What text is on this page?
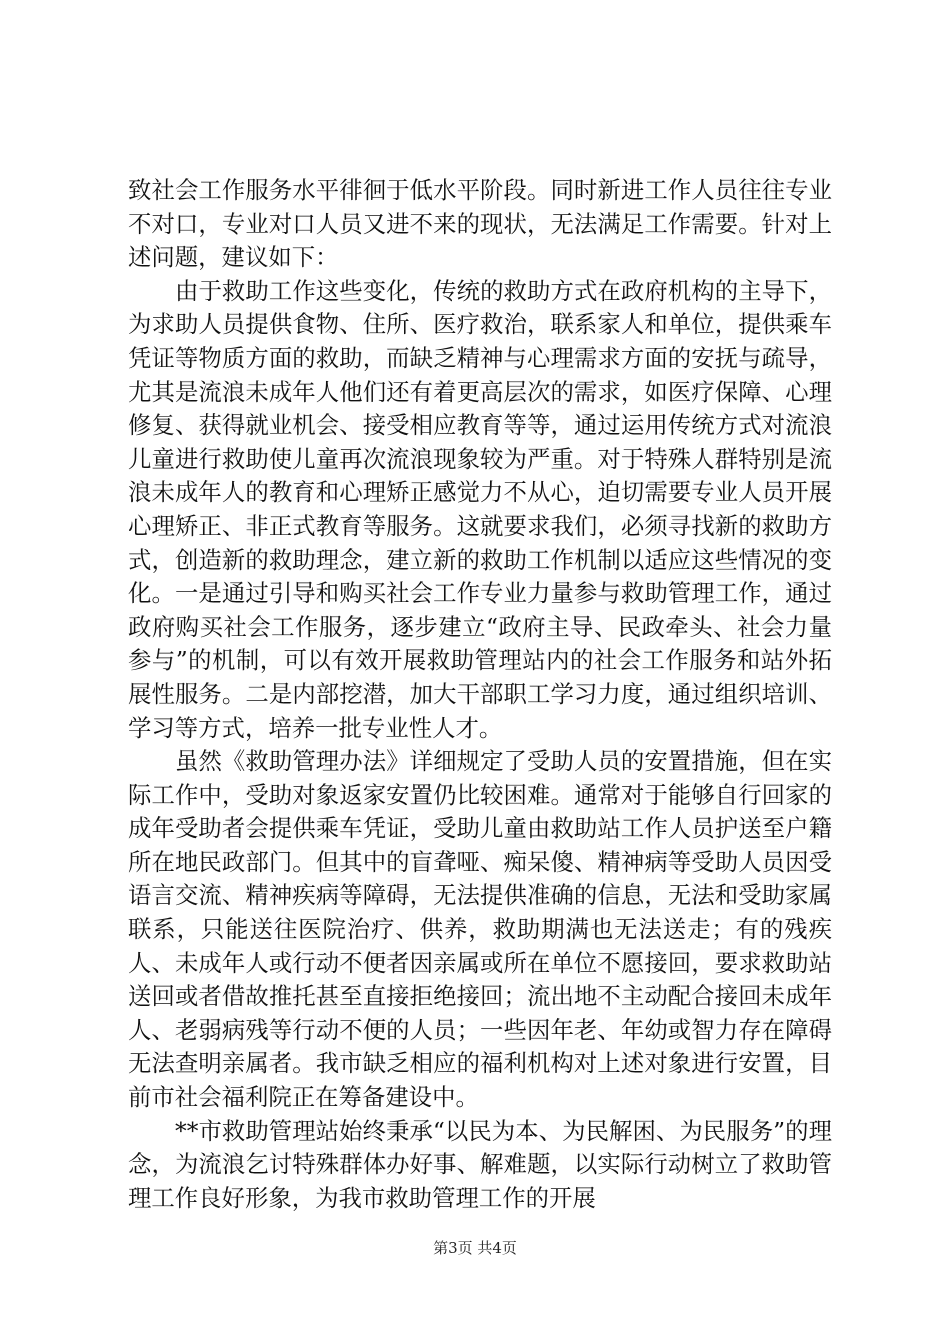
致社会工作服务水平徘徊于低水平阶段。同时新进工作人员往往专业不对口，专业对口人员又进不来的现状，无法满足工作需要。针对上述问题，建议如下：

由于救助工作这些变化，传统的救助方式在政府机构的主导下，为求助人员提供食物、住所、医疗救治，联系家人和单位，提供乘车凭证等物质方面的救助，而缺乏精神与心理需求方面的安抚与疏导，尤其是流浪未成年人他们还有着更高层次的需求，如医疗保障、心理修复、获得就业机会、接受相应教育等等，通过运用传统方式对流浪儿童进行救助使儿童再次流浪现象较为严重。对于特殊人群特别是流浪未成年人的教育和心理矫正感觉力不从心，迫切需要专业人员开展心理矫正、非正式教育等服务。这就要求我们，必须寻找新的救助方式，创造新的救助理念，建立新的救助工作机制以适应这些情况的变化。一是通过引导和购买社会工作专业力量参与救助管理工作，通过政府购买社会工作服务，逐步建立“政府主导、民政牵头、社会力量参与”的机制，可以有效开展救助管理站内的社会工作服务和站外拓展性服务。二是内部挖潜，加大干部职工学习力度，通过组织培训、学习等方式，培养一批专业性人才。

虽然《救助管理办法》详细规定了受助人员的安置措施，但在实际工作中，受助对象返家安置仍比较困难。通常对于能够自行回家的成年受助者会提供乘车凭证，受助儿童由救助站工作人员护送至户籍所在地民政部门。但其中的盲聋哑、痴呆傻、精神病等受助人员因受语言交流、精神疾病等障碍，无法提供准确的信息，无法和受助家属联系，只能送往医院治疗、供养，救助期满也无法送走；有的残疾人、未成年人或行动不便者因亲属或所在单位不愿接回，要求救助站送回或者借故推托甚至直接拒绝接回；流出地不主动配合接回未成年人、老弱病残等行动不便的人员；一些因年老、年幼或智力存在障碍无法查明亲属者。我市缺乏相应的福利机构对上述对象进行安置，目前市社会福利院正在筹备建设中。

**市救助管理站始终秉承“以民为本、为民解困、为民服务”的理念，为流浪乞讨特殊群体办好事、解难题，以实际行动树立了救助管理工作良好形象，为我市救助管理工作的开展

第3页 共4页
